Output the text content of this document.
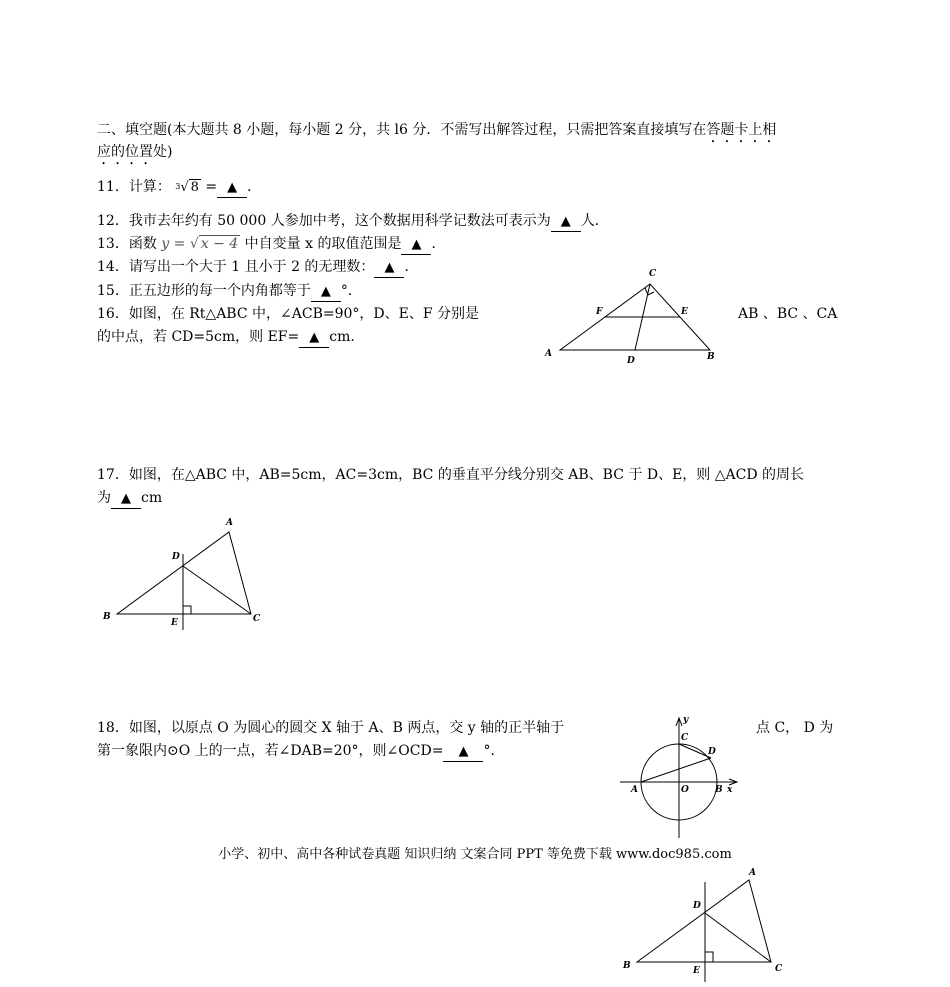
二、填空题(本大题共 8 小题，每小题 2 分，共 l6 分．不需写出解答过程，只需把答案直接填写在答题卡上相
应的位置处)
11．计算： $^3$√ 8 = ▲ ．
12．我市去年约有 50 000 人参加中考，这个数据用科学记数法可表示为 ▲ 人．
13．函数 y = √ x − 4 中自变量 x 的取值范围是 ▲ ．
14．请写出一个大于 1 且小于 2 的无理数： ▲ ．
15．正五边形的每一个内角都等于 ▲ °．
16．如图，在 Rt△ABC 中，∠ACB=90°，D、E、F 分别是	AB 、BC 、CA
的中点，若 CD=5cm，则 EF= ▲ cm．
C
F	E
A
D	B
17．如图，在△ABC 中，AB=5cm，AC=3cm，BC 的垂直平分线分别交 AB、BC 于 D、E，则 △ACD 的周长
为 ▲ cm
A
D
B
E	C
18．如图，以原点 O 为圆心的圆交 X 轴于 A、B 两点，交 y 轴的正半轴于	点 C， D 为
第一象限内⊙O 上的一点，若∠DAB=20°，则∠OCD= ▲ °．
y
C
D
A	O	B x
小学、初中、高中各种试卷真题 知识归纳 文案合同 PPT 等免费下载 www.doc985.com
A
D
B	E	C
